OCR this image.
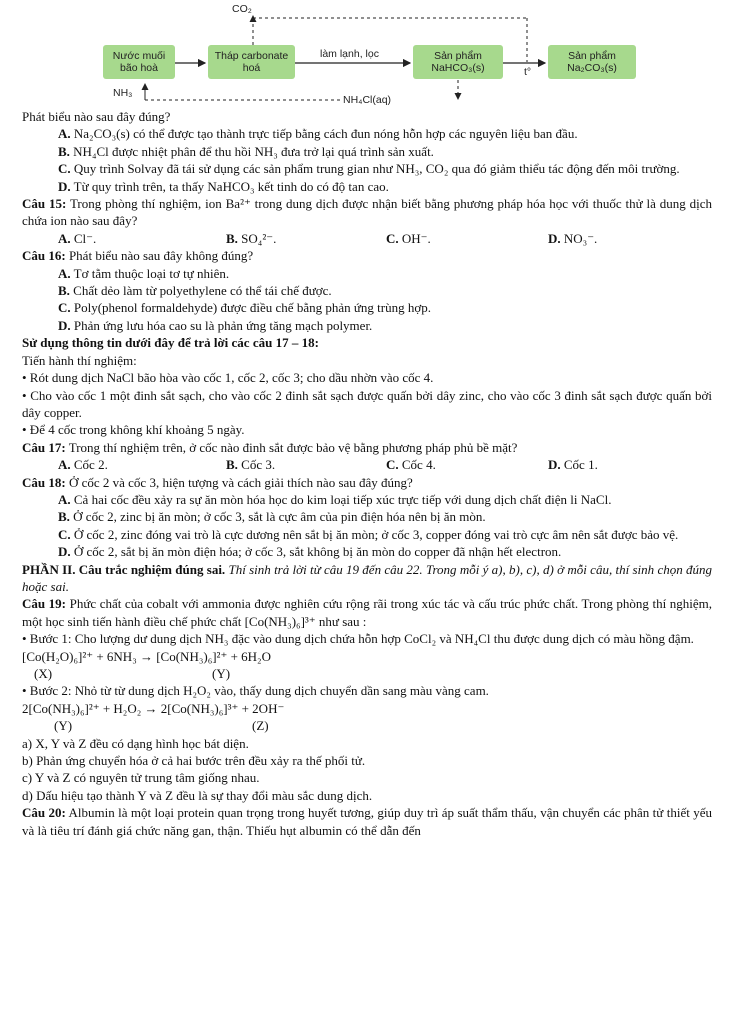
CO₂
Nước muối bão hoà
Tháp carbonate hoá
làm lạnh, lọc	Sản phẩm NaHCO₃(s)	t°
Sản phẩm Na₂CO₃(s)
NH₃
NH₄Cl(aq)

Phát biểu nào sau đây đúng?

A. Na₂CO₃(s) có thể được tạo thành trực tiếp bằng cách đun nóng hỗn hợp các nguyên liệu ban đầu.

B. NH₄Cl được nhiệt phân để thu hồi NH₃ đưa trở lại quá trình sản xuất.

C. Quy trình Solvay đã tái sử dụng các sản phẩm trung gian như NH₃, CO₂ qua đó giảm thiểu tác động đến môi trường.

D. Từ quy trình trên, ta thấy NaHCO₃ kết tinh do có độ tan cao.

Câu 15: Trong phòng thí nghiệm, ion Ba²⁺ trong dung dịch được nhận biết bằng phương pháp hóa học với thuốc thử là dung dịch chứa ion nào sau đây?

A. Cl⁻.	B. SO₄²⁻.	C. OH⁻.	D. NO₃⁻.

Câu 16: Phát biểu nào sau đây không đúng?

A. Tơ tằm thuộc loại tơ tự nhiên.

B. Chất dẻo làm từ polyethylene có thể tái chế được.

C. Poly(phenol formaldehyde) được điều chế bằng phản ứng trùng hợp.

D. Phản ứng lưu hóa cao su là phản ứng tăng mạch polymer.

Sử dụng thông tin dưới đây để trả lời các câu 17 – 18:

Tiến hành thí nghiệm:

• Rót dung dịch NaCl bão hòa vào cốc 1, cốc 2, cốc 3; cho dầu nhờn vào cốc 4.

• Cho vào cốc 1 một đinh sắt sạch, cho vào cốc 2 đinh sắt sạch được quấn bởi dây zinc, cho vào cốc 3 đinh sắt sạch được quấn bởi dây copper.

• Để 4 cốc trong không khí khoảng 5 ngày.

Câu 17: Trong thí nghiệm trên, ở cốc nào đinh sắt được bảo vệ bằng phương pháp phủ bề mặt?

A. Cốc 2.	B. Cốc 3.	C. Cốc 4.	D. Cốc 1.

Câu 18: Ở cốc 2 và cốc 3, hiện tượng và cách giải thích nào sau đây đúng?

A. Cả hai cốc đều xảy ra sự ăn mòn hóa học do kim loại tiếp xúc trực tiếp với dung dịch chất điện li NaCl.

B. Ở cốc 2, zinc bị ăn mòn; ở cốc 3, sắt là cực âm của pin điện hóa nên bị ăn mòn.

C. Ở cốc 2, zinc đóng vai trò là cực dương nên sắt bị ăn mòn; ở cốc 3, copper đóng vai trò cực âm nên sắt được bảo vệ.

D. Ở cốc 2, sắt bị ăn mòn điện hóa; ở cốc 3, sắt không bị ăn mòn do copper đã nhận hết electron.

PHẦN II. Câu trắc nghiệm đúng sai. Thí sinh trả lời từ câu 19 đến câu 22. Trong mỗi ý a), b), c), d) ở mỗi câu, thí sinh chọn đúng hoặc sai.

Câu 19: Phức chất của cobalt với ammonia được nghiên cứu rộng rãi trong xúc tác và cấu trúc phức chất. Trong phòng thí nghiệm, một học sinh tiến hành điều chế phức chất [Co(NH₃)₆]³⁺ như sau :

• Bước 1: Cho lượng dư dung dịch NH₃ đặc vào dung dịch chứa hỗn hợp CoCl₂ và NH₄Cl thu được dung dịch có màu hồng đậm.

[Co(H₂O)₆]²⁺ + 6NH₃ → [Co(NH₃)₆]²⁺ + 6H₂O

(X)	(Y)

• Bước 2: Nhỏ từ từ dung dịch H₂O₂ vào, thấy dung dịch chuyển dần sang màu vàng cam.

2[Co(NH₃)₆]²⁺ + H₂O₂ → 2[Co(NH₃)₆]³⁺ + 2OH⁻

(Y)	(Z)

a) X, Y và Z đều có dạng hình học bát diện.

b) Phản ứng chuyển hóa ở cả hai bước trên đều xảy ra thế phối tử.

c) Y và Z có nguyên tử trung tâm giống nhau.

d) Dấu hiệu tạo thành Y và Z đều là sự thay đổi màu sắc dung dịch.

Câu 20: Albumin là một loại protein quan trọng trong huyết tương, giúp duy trì áp suất thẩm thấu, vận chuyển các phân tử thiết yếu và là tiêu trí đánh giá chức năng gan, thận. Thiếu hụt albumin có thể dẫn đến
